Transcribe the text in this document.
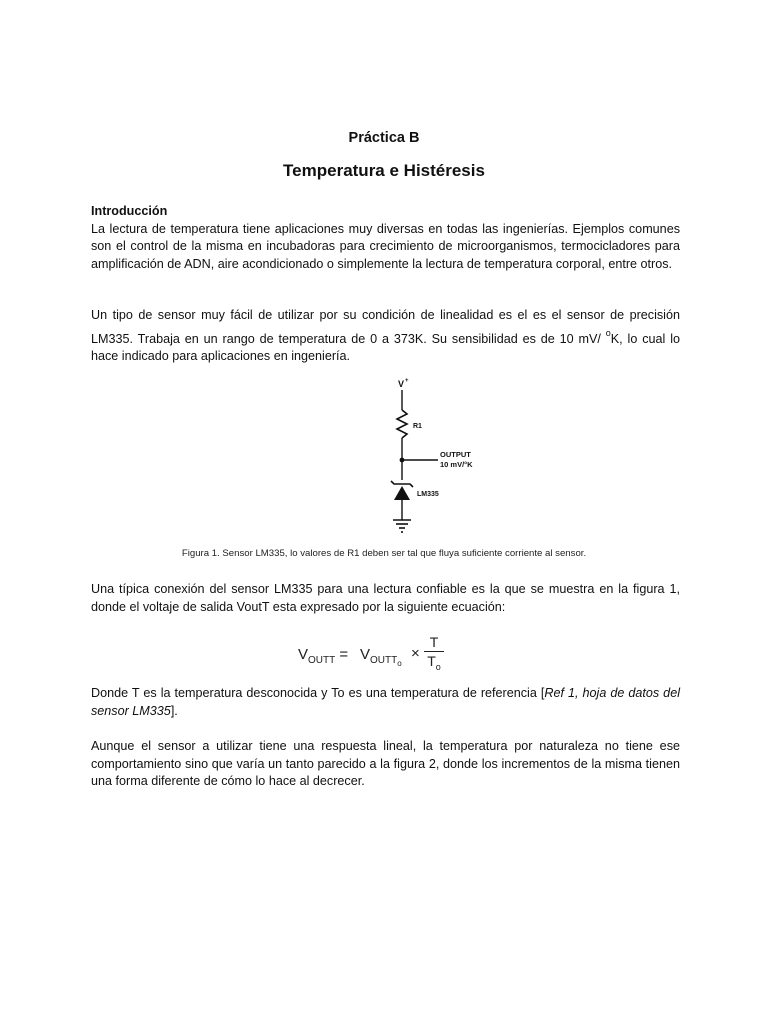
Práctica B
Temperatura e Histéresis
Introducción
La lectura de temperatura tiene aplicaciones muy diversas en todas las ingenierías. Ejemplos comunes son el control de la misma en incubadoras para crecimiento de microorganismos, termocicladores para amplificación de ADN, aire acondicionado o simplemente la lectura de temperatura corporal, entre otros.
Un tipo de sensor muy fácil de utilizar por su condición de linealidad es el es el sensor de precisión LM335. Trabaja en un rango de temperatura de 0 a 373K. Su sensibilidad es de 10 mV/ $^o$K, lo cual lo hace indicado para aplicaciones en ingeniería.
V +
R1
OUTPUT
10 mV/°K
LM335
Figura 1. Sensor LM335, lo valores de R1 deben ser tal que fluya suficiente corriente al sensor.
Una típica conexión del sensor LM335 para una lectura confiable es la que se muestra en la figura 1, donde el voltaje de salida VoutT esta expresado por la siguiente ecuación:
$V_{OUTT} = V_{OUTT_o}$
×
T
$T_o$
Donde T es la temperatura desconocida y To es una temperatura de referencia [Ref 1, hoja de datos del sensor LM335].
Aunque el sensor a utilizar tiene una respuesta lineal, la temperatura por naturaleza no tiene ese comportamiento sino que varía un tanto parecido a la figura 2, donde los incrementos de la misma tienen una forma diferente de cómo lo hace al decrecer.
